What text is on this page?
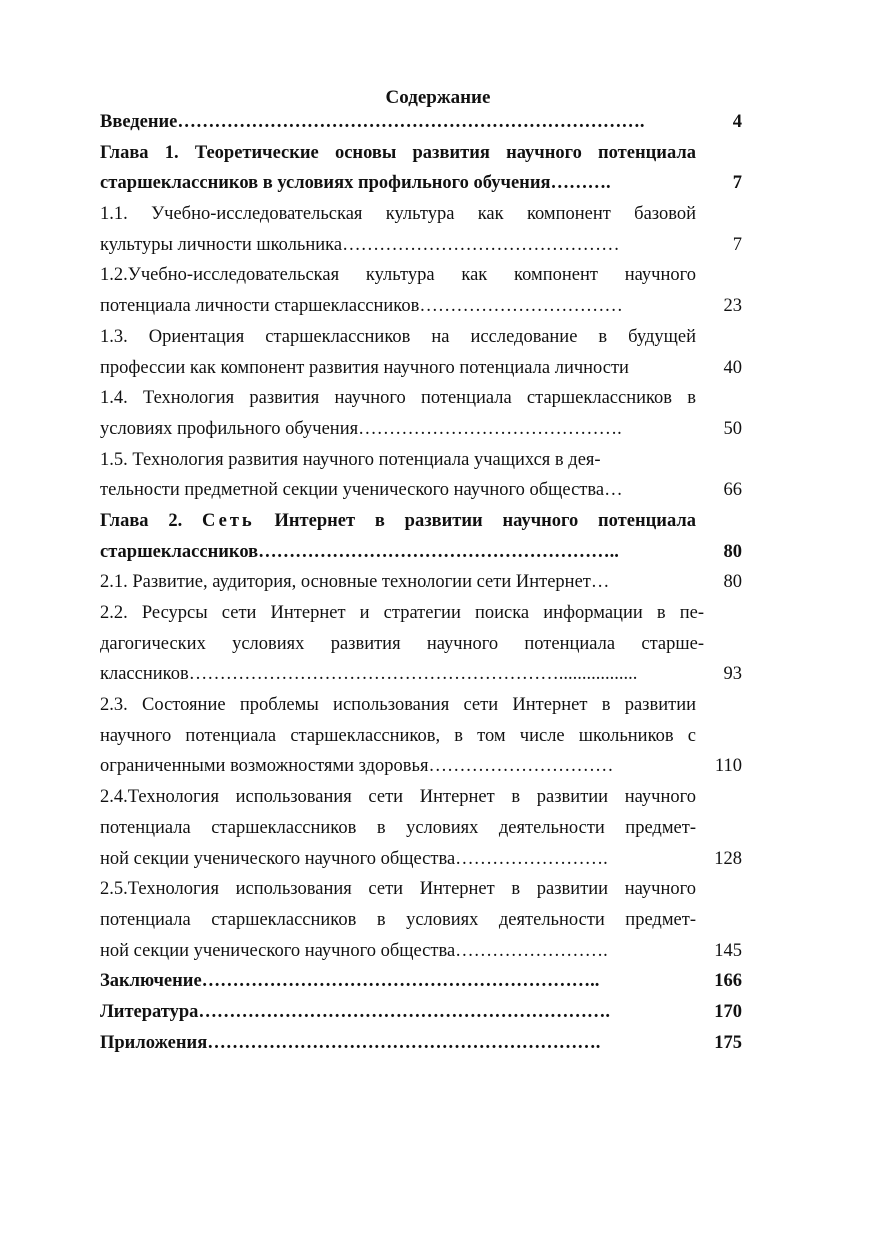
Содержание
Введение………………………………………………………………….	4
Глава 1. Теоретические основы развития научного потенциала
старшеклассников в условиях профильного обучения……….	7
1.1. Учебно-исследовательская культура как компонент базовой
культуры личности школьника………………………………………	7
1.2.Учебно-исследовательская культура как компонент научного
потенциала личности старшеклассников……………………………	23
1.3. Ориентация старшеклассников на исследование в будущей
профессии как компонент развития научного потенциала личности	40
1.4. Технология развития научного потенциала старшеклассников в
условиях профильного обучения…………………………………….	50
1.5. Технология развития научного потенциала учащихся в дея-
тельности предметной секции ученического научного общества…	66
Глава 2. Сеть Интернет в развитии научного потенциала
старшеклассников…………………………………………………..	80
2.1. Развитие, аудитория, основные технологии сети Интернет…	80
2.2. Ресурсы сети Интернет и стратегии поиска информации в пе-
дагогических условиях развития научного потенциала старше-
классников…………………………………………………….................	93
2.3. Состояние проблемы использования сети Интернет в развитии
научного потенциала старшеклассников, в том числе школьников с
ограниченными возможностями здоровья…………………………	110
2.4.Технология использования сети Интернет в развитии научного
потенциала старшеклассников в условиях деятельности предмет-
ной секции ученического научного общества…………………….	128
2.5.Технология использования сети Интернет в развитии научного
потенциала старшеклассников в условиях деятельности предмет-
ной секции ученического научного общества…………………….	145
Заключение………………………………………………………..	166
Литература………………………………………………………….	170
Приложения……………………………………………………….	175
